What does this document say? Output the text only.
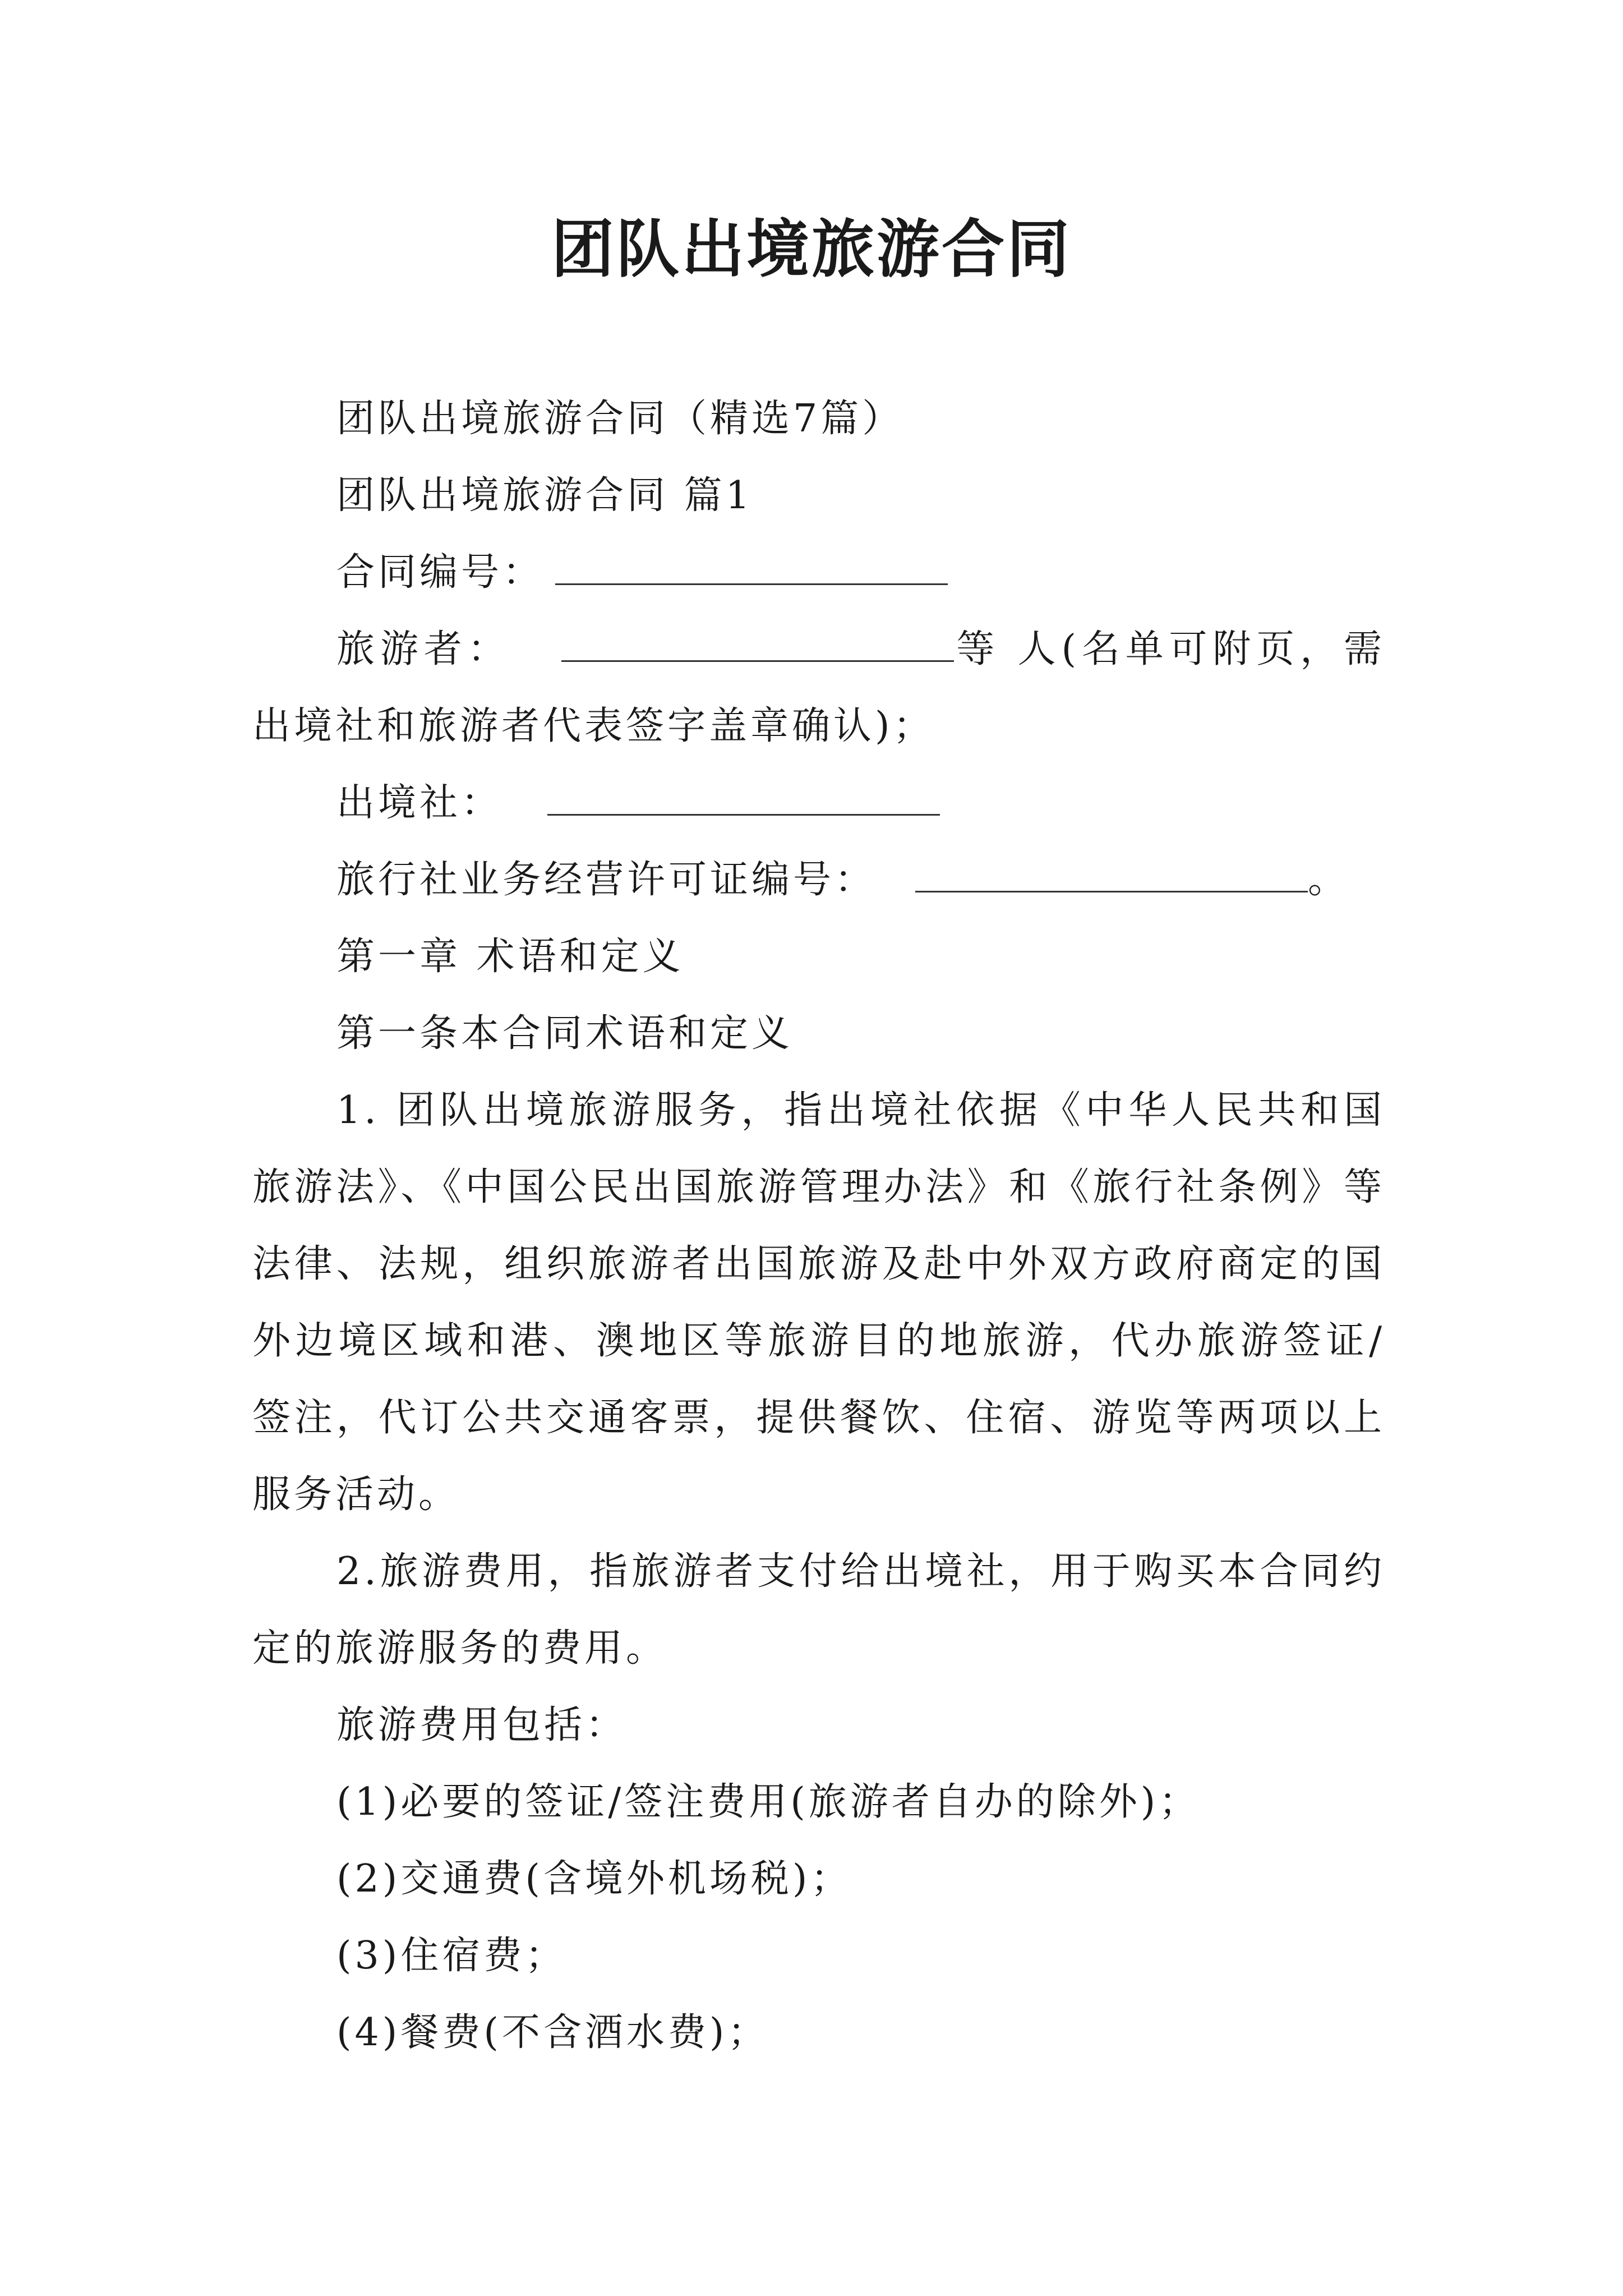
团队出境旅游合同

团队出境旅游合同（精选7篇）

团队出境旅游合同 篇1

合同编号：

旅游者：	等 人(名单可附页，需出境社和旅游者代表签字盖章确认)；

出境社：

旅行社业务经营许可证编号：	。

第一章 术语和定义

第一条本合同术语和定义

1. 团队出境旅游服务，指出境社依据《中华人民共和国旅游法》、《中国公民出国旅游管理办法》和《旅行社条例》等法律、法规，组织旅游者出国旅游及赴中外双方政府商定的国外边境区域和港、澳地区等旅游目的地旅游，代办旅游签证/签注，代订公共交通客票，提供餐饮、住宿、游览等两项以上服务活动。

2.旅游费用，指旅游者支付给出境社，用于购买本合同约定的旅游服务的费用。

旅游费用包括：

(1)必要的签证/签注费用(旅游者自办的除外)；

(2)交通费(含境外机场税)；

(3)住宿费；

(4)餐费(不含酒水费)；
